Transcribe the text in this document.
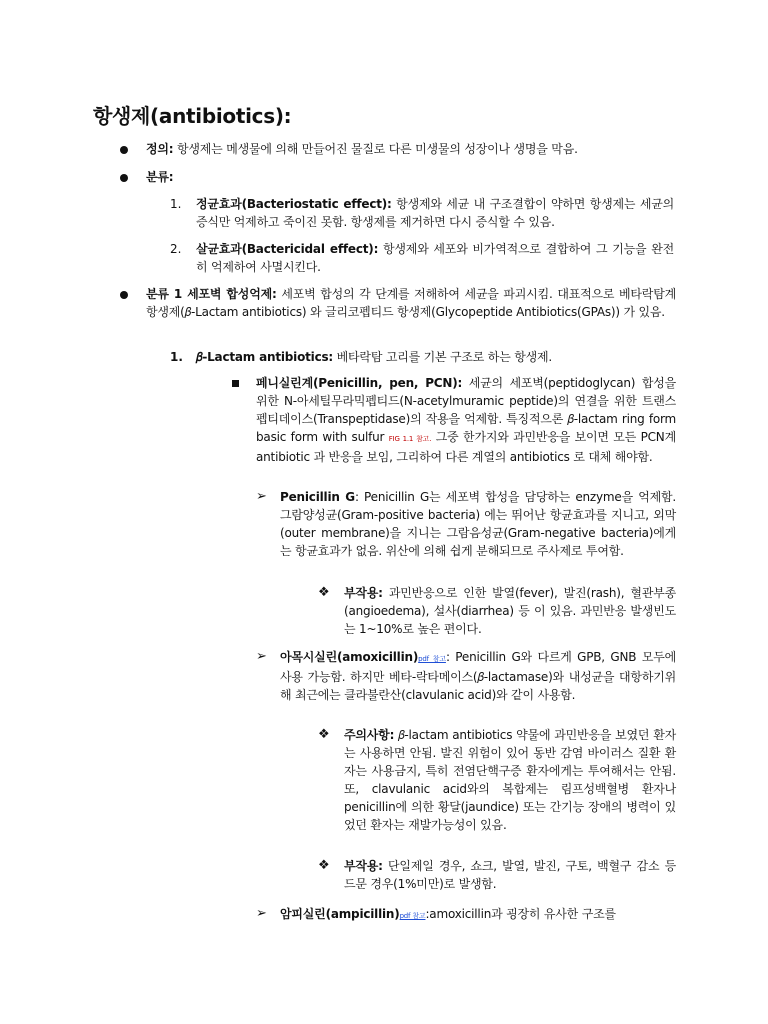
항생제(antibiotics):
정의: 항생제는 메생물에 의해 만들어진 물질로 다른 미생물의 성장이나 생명을 막음.
분류:
1. 정균효과(Bacteriostatic effect): 항생제와 세균 내 구조결합이 약하면 항생제는 세균의 증식만 억제하고 죽이진 못함. 항생제를 제거하면 다시 증식할 수 있음.
2. 살균효과(Bactericidal effect): 항생제와 세포와 비가역적으로 결합하여 그 기능을 완전히 억제하여 사멸시킨다.
분류 1 세포벽 합성억제: 세포벽 합성의 각 단계를 저해하여 세균을 파괴시킴. 대표적으로 베타락탐계 항생제(𝛽-Lactam antibiotics) 와 글리코펩티드 항생제(Glycopeptide Antibiotics(GPAs)) 가 있음.
1. 𝛽-Lactam antibiotics: 베타락탐 고리를 기본 구조로 하는 항생제.
페니실린계(Penicillin, pen, PCN): 세균의 세포벽(peptidoglycan) 합성을 위한 N-아세틸무라믹펩티드(N-acetylmuramic peptide)의 연결을 위한 트랜스펩티데이스(Transpeptidase)의 작용을 억제함. 특징적으론 𝛽-lactam ring form basic form with sulfur FIG 1.1 참고. 그중 한가지와 과민반응을 보이면 모든 PCN계 antibiotic 과 반응을 보임, 그리하여 다른 계열의 antibiotics 로 대체 해야함.
➢ Penicillin G: Penicillin G는 세포벽 합성을 담당하는 enzyme을 억제함. 그람양성균(Gram-positive bacteria) 에는 뛰어난 항균효과를 지니고, 외막(outer membrane)을 지니는 그람음성균(Gram-negative bacteria)에게는 항균효과가 없음. 위산에 의해 쉽게 분해되므로 주사제로 투여함.
❖ 부작용: 과민반응으로 인한 발열(fever), 발진(rash), 혈관부종(angioedema), 설사(diarrhea) 등 이 있음. 과민반응 발생빈도는 1~10%로 높은 편이다.
➢ 아목시실린(amoxicillin)pdf 참고: Penicillin G와 다르게 GPB, GNB 모두에 사용 가능함. 하지만 베타-락타메이스(𝛽-lactamase)와 내성균을 대항하기위해 최근에는 클라불란산(clavulanic acid)와 같이 사용함.
❖ 주의사항: 𝛽-lactam antibiotics 약물에 과민반응을 보였던 환자는 사용하면 안됨. 발진 위험이 있어 동반 감염 바이러스 질환 환자는 사용금지, 특히 전염단핵구증 환자에게는 투여해서는 안됨. 또, clavulanic acid와의 복합제는 림프성백혈병 환자나 penicillin에 의한 황달(jaundice) 또는 간기능 장애의 병력이 있었던 환자는 재발가능성이 있음.
❖ 부작용: 단일제일 경우, 쇼크, 발열, 발진, 구토, 백혈구 감소 등 드문 경우(1%미만)로 발생함.
➢ 암피실린(ampicillin)pdf 참고:amoxicillin과 굉장히 유사한 구조를
